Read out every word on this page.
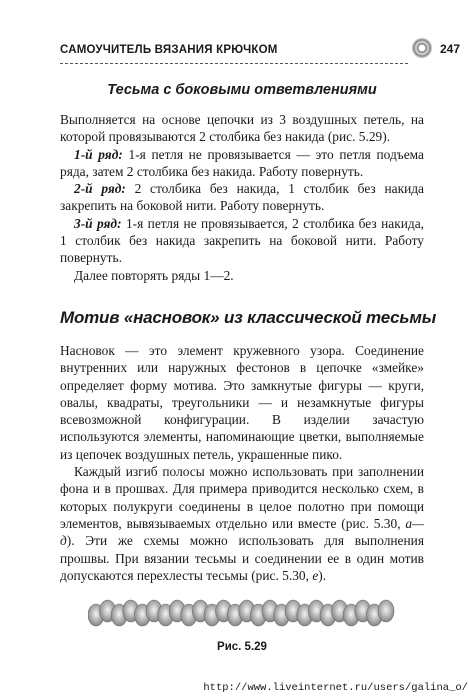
САМОУЧИТЕЛЬ ВЯЗАНИЯ КРЮЧКОМ	247
Тесьма с боковыми ответвлениями

Выполняется на основе цепочки из 3 воздушных петель, на которой провязываются 2 столбика без накида (рис. 5.29).

1-й ряд: 1-я петля не провязывается — это петля подъема ряда, затем 2 столбика без накида. Работу повернуть.

2-й ряд: 2 столбика без накида, 1 столбик без накида закрепить на боковой нити. Работу повернуть.

3-й ряд: 1-я петля не провязывается, 2 столбика без накида, 1 столбик без накида закрепить на боковой нити. Работу повернуть.

Далее повторять ряды 1—2.

Мотив «насновок» из классической тесьмы

Насновок — это элемент кружевного узора. Соединение внутренних или наружных фестонов в цепочке «змейке» определяет форму мотива. Это замкнутые фигуры — круги, овалы, квадраты, треугольники — и незамкнутые фигуры всевозможной конфигурации. В изделии зачастую используются элементы, напоминающие цветки, выполняемые из цепочек воздушных петель, украшенные пико.

Каждый изгиб полосы можно использовать при заполнении фона и в прошвах. Для примера приводится несколько схем, в которых полукруги соединены в целое полотно при помощи элементов, вывязываемых отдельно или вместе (рис. 5.30, а—д). Эти же схемы можно использовать для выполнения прошвы. При вязании тесьмы и соединении ее в один мотив допускаются перехлесты тесьмы (рис. 5.30, е).

Рис. 5.29
http://www.liveinternet.ru/users/galina_o/
